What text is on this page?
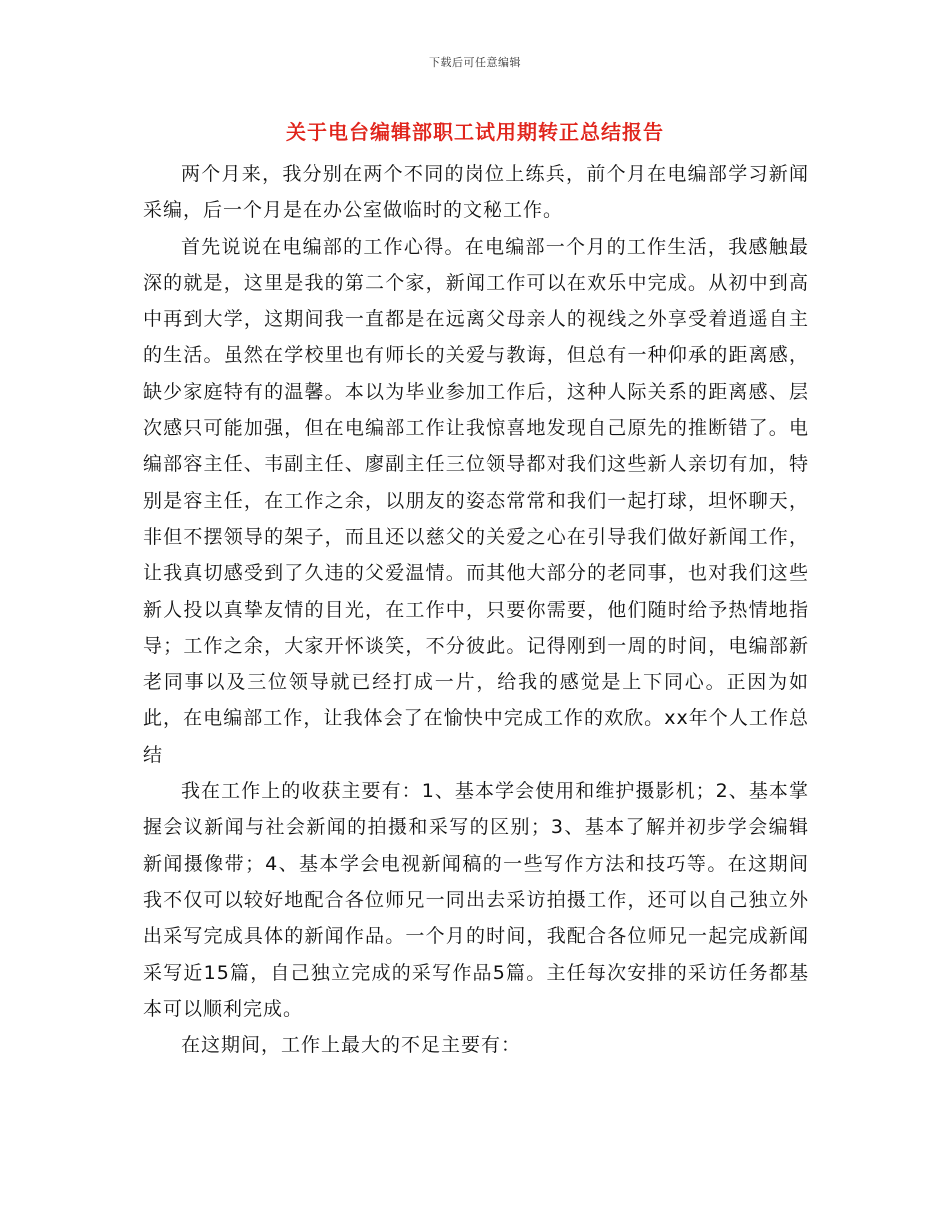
下载后可任意编辑
关于电台编辑部职工试用期转正总结报告

两个月来，我分别在两个不同的岗位上练兵，前个月在电编部学习新闻采编，后一个月是在办公室做临时的文秘工作。

首先说说在电编部的工作心得。在电编部一个月的工作生活，我感触最深的就是，这里是我的第二个家，新闻工作可以在欢乐中完成。从初中到高中再到大学，这期间我一直都是在远离父母亲人的视线之外享受着逍遥自主的生活。虽然在学校里也有师长的关爱与教诲，但总有一种仰承的距离感，缺少家庭特有的温馨。本以为毕业参加工作后，这种人际关系的距离感、层次感只可能加强，但在电编部工作让我惊喜地发现自己原先的推断错了。电编部容主任、韦副主任、廖副主任三位领导都对我们这些新人亲切有加，特别是容主任，在工作之余，以朋友的姿态常常和我们一起打球，坦怀聊天，非但不摆领导的架子，而且还以慈父的关爱之心在引导我们做好新闻工作，让我真切感受到了久违的父爱温情。而其他大部分的老同事，也对我们这些新人投以真挚友情的目光，在工作中，只要你需要，他们随时给予热情地指导；工作之余，大家开怀谈笑，不分彼此。记得刚到一周的时间，电编部新老同事以及三位领导就已经打成一片，给我的感觉是上下同心。正因为如此，在电编部工作，让我体会了在愉快中完成工作的欢欣。xx年个人工作总结

我在工作上的收获主要有：1、基本学会使用和维护摄影机；2、基本掌握会议新闻与社会新闻的拍摄和采写的区别；3、基本了解并初步学会编辑新闻摄像带；4、基本学会电视新闻稿的一些写作方法和技巧等。在这期间我不仅可以较好地配合各位师兄一同出去采访拍摄工作，还可以自己独立外出采写完成具体的新闻作品。一个月的时间，我配合各位师兄一起完成新闻采写近15篇，自己独立完成的采写作品5篇。主任每次安排的采访任务都基本可以顺利完成。

在这期间，工作上最大的不足主要有：
